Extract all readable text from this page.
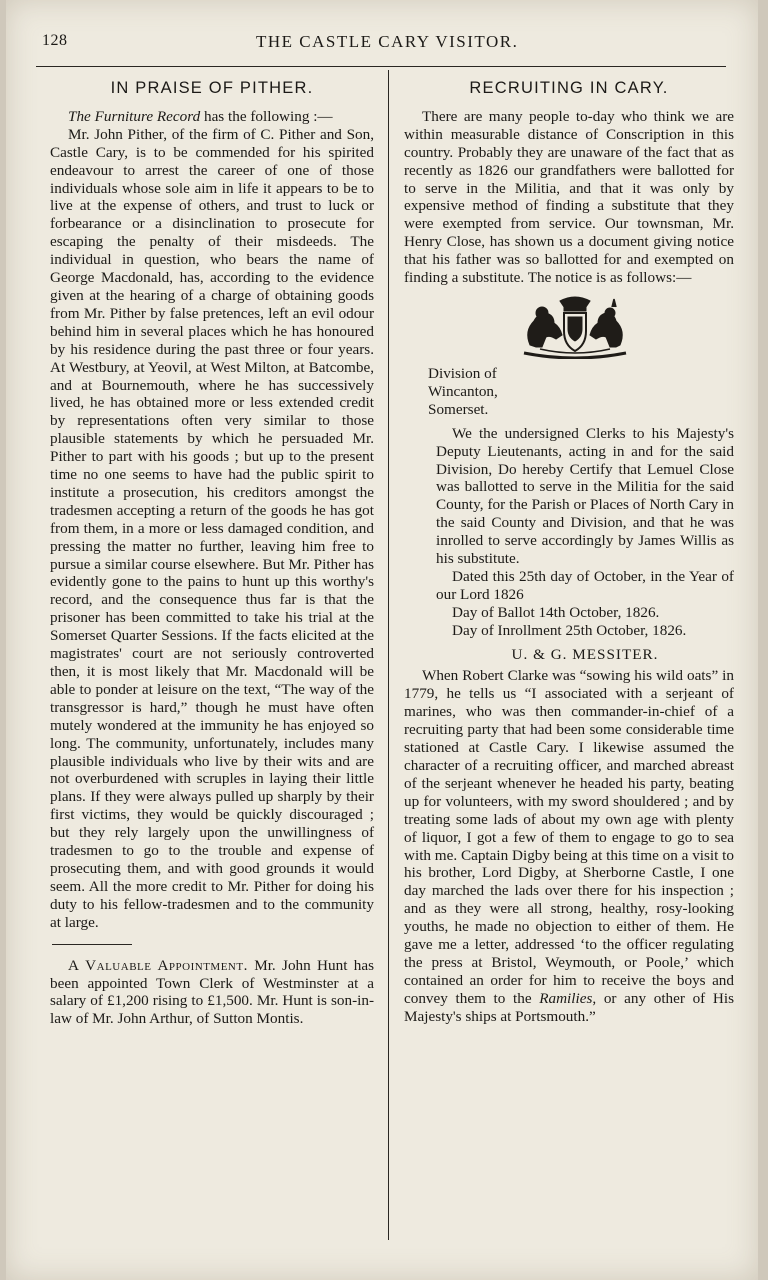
128	THE CASTLE CARY VISITOR.
IN PRAISE OF PITHER.

The Furniture Record has the following :—

Mr. John Pither, of the firm of C. Pither and Son, Castle Cary, is to be commended for his spirited endeavour to arrest the career of one of those individuals whose sole aim in life it appears to be to live at the expense of others, and trust to luck or forbearance or a disinclination to prosecute for escaping the penalty of their misdeeds. The individual in question, who bears the name of George Macdonald, has, according to the evidence given at the hearing of a charge of obtaining goods from Mr. Pither by false pretences, left an evil odour behind him in several places which he has honoured by his residence during the past three or four years. At Westbury, at Yeovil, at West Milton, at Batcombe, and at Bournemouth, where he has successively lived, he has obtained more or less extended credit by representations often very similar to those plausible statements by which he persuaded Mr. Pither to part with his goods ; but up to the present time no one seems to have had the public spirit to institute a prosecution, his creditors amongst the tradesmen accepting a return of the goods he has got from them, in a more or less damaged condition, and pressing the matter no further, leaving him free to pursue a similar course elsewhere. But Mr. Pither has evidently gone to the pains to hunt up this worthy's record, and the consequence thus far is that the prisoner has been committed to take his trial at the Somerset Quarter Sessions. If the facts elicited at the magistrates' court are not seriously controverted then, it is most likely that Mr. Macdonald will be able to ponder at leisure on the text, “The way of the transgressor is hard,” though he must have often mutely wondered at the immunity he has enjoyed so long. The community, unfortunately, includes many plausible individuals who live by their wits and are not overburdened with scruples in laying their little plans. If they were always pulled up sharply by their first victims, they would be quickly discouraged ; but they rely largely upon the unwillingness of tradesmen to go to the trouble and expense of prosecuting them, and with good grounds it would seem. All the more credit to Mr. Pither for doing his duty to his fellow-tradesmen and to the community at large.

A Valuable Appointment. Mr. John Hunt has been appointed Town Clerk of Westminster at a salary of £1,200 rising to £1,500. Mr. Hunt is son-in-law of Mr. John Arthur, of Sutton Montis.

RECRUITING IN CARY.

There are many people to-day who think we are within measurable distance of Conscription in this country. Probably they are unaware of the fact that as recently as 1826 our grandfathers were ballotted for to serve in the Militia, and that it was only by expensive method of finding a substitute that they were exempted from service. Our townsman, Mr. Henry Close, has shown us a document giving notice that his father was so ballotted for and exempted on finding a substitute. The notice is as follows:—

Division of
Wincanton,
Somerset.

We the undersigned Clerks to his Majesty's Deputy Lieutenants, acting in and for the said Division, Do hereby Certify that Lemuel Close was ballotted to serve in the Militia for the said County, for the Parish or Places of North Cary in the said County and Division, and that he was inrolled to serve accordingly by James Willis as his substitute.

Dated this 25th day of October, in the Year of our Lord 1826

Day of Ballot 14th October, 1826.

Day of Inrollment 25th October, 1826.

U. & G. MESSITER.

When Robert Clarke was “sowing his wild oats” in 1779, he tells us “I associated with a serjeant of marines, who was then commander-in-chief of a recruiting party that had been some considerable time stationed at Castle Cary. I likewise assumed the character of a recruiting officer, and marched abreast of the serjeant whenever he headed his party, beating up for volunteers, with my sword shouldered ; and by treating some lads of about my own age with plenty of liquor, I got a few of them to engage to go to sea with me. Captain Digby being at this time on a visit to his brother, Lord Digby, at Sherborne Castle, I one day marched the lads over there for his inspection ; and as they were all strong, healthy, rosy-looking youths, he made no objection to either of them. He gave me a letter, addressed ‘to the officer regulating the press at Bristol, Weymouth, or Poole,’ which contained an order for him to receive the boys and convey them to the Ramilies, or any other of His Majesty's ships at Portsmouth.”
